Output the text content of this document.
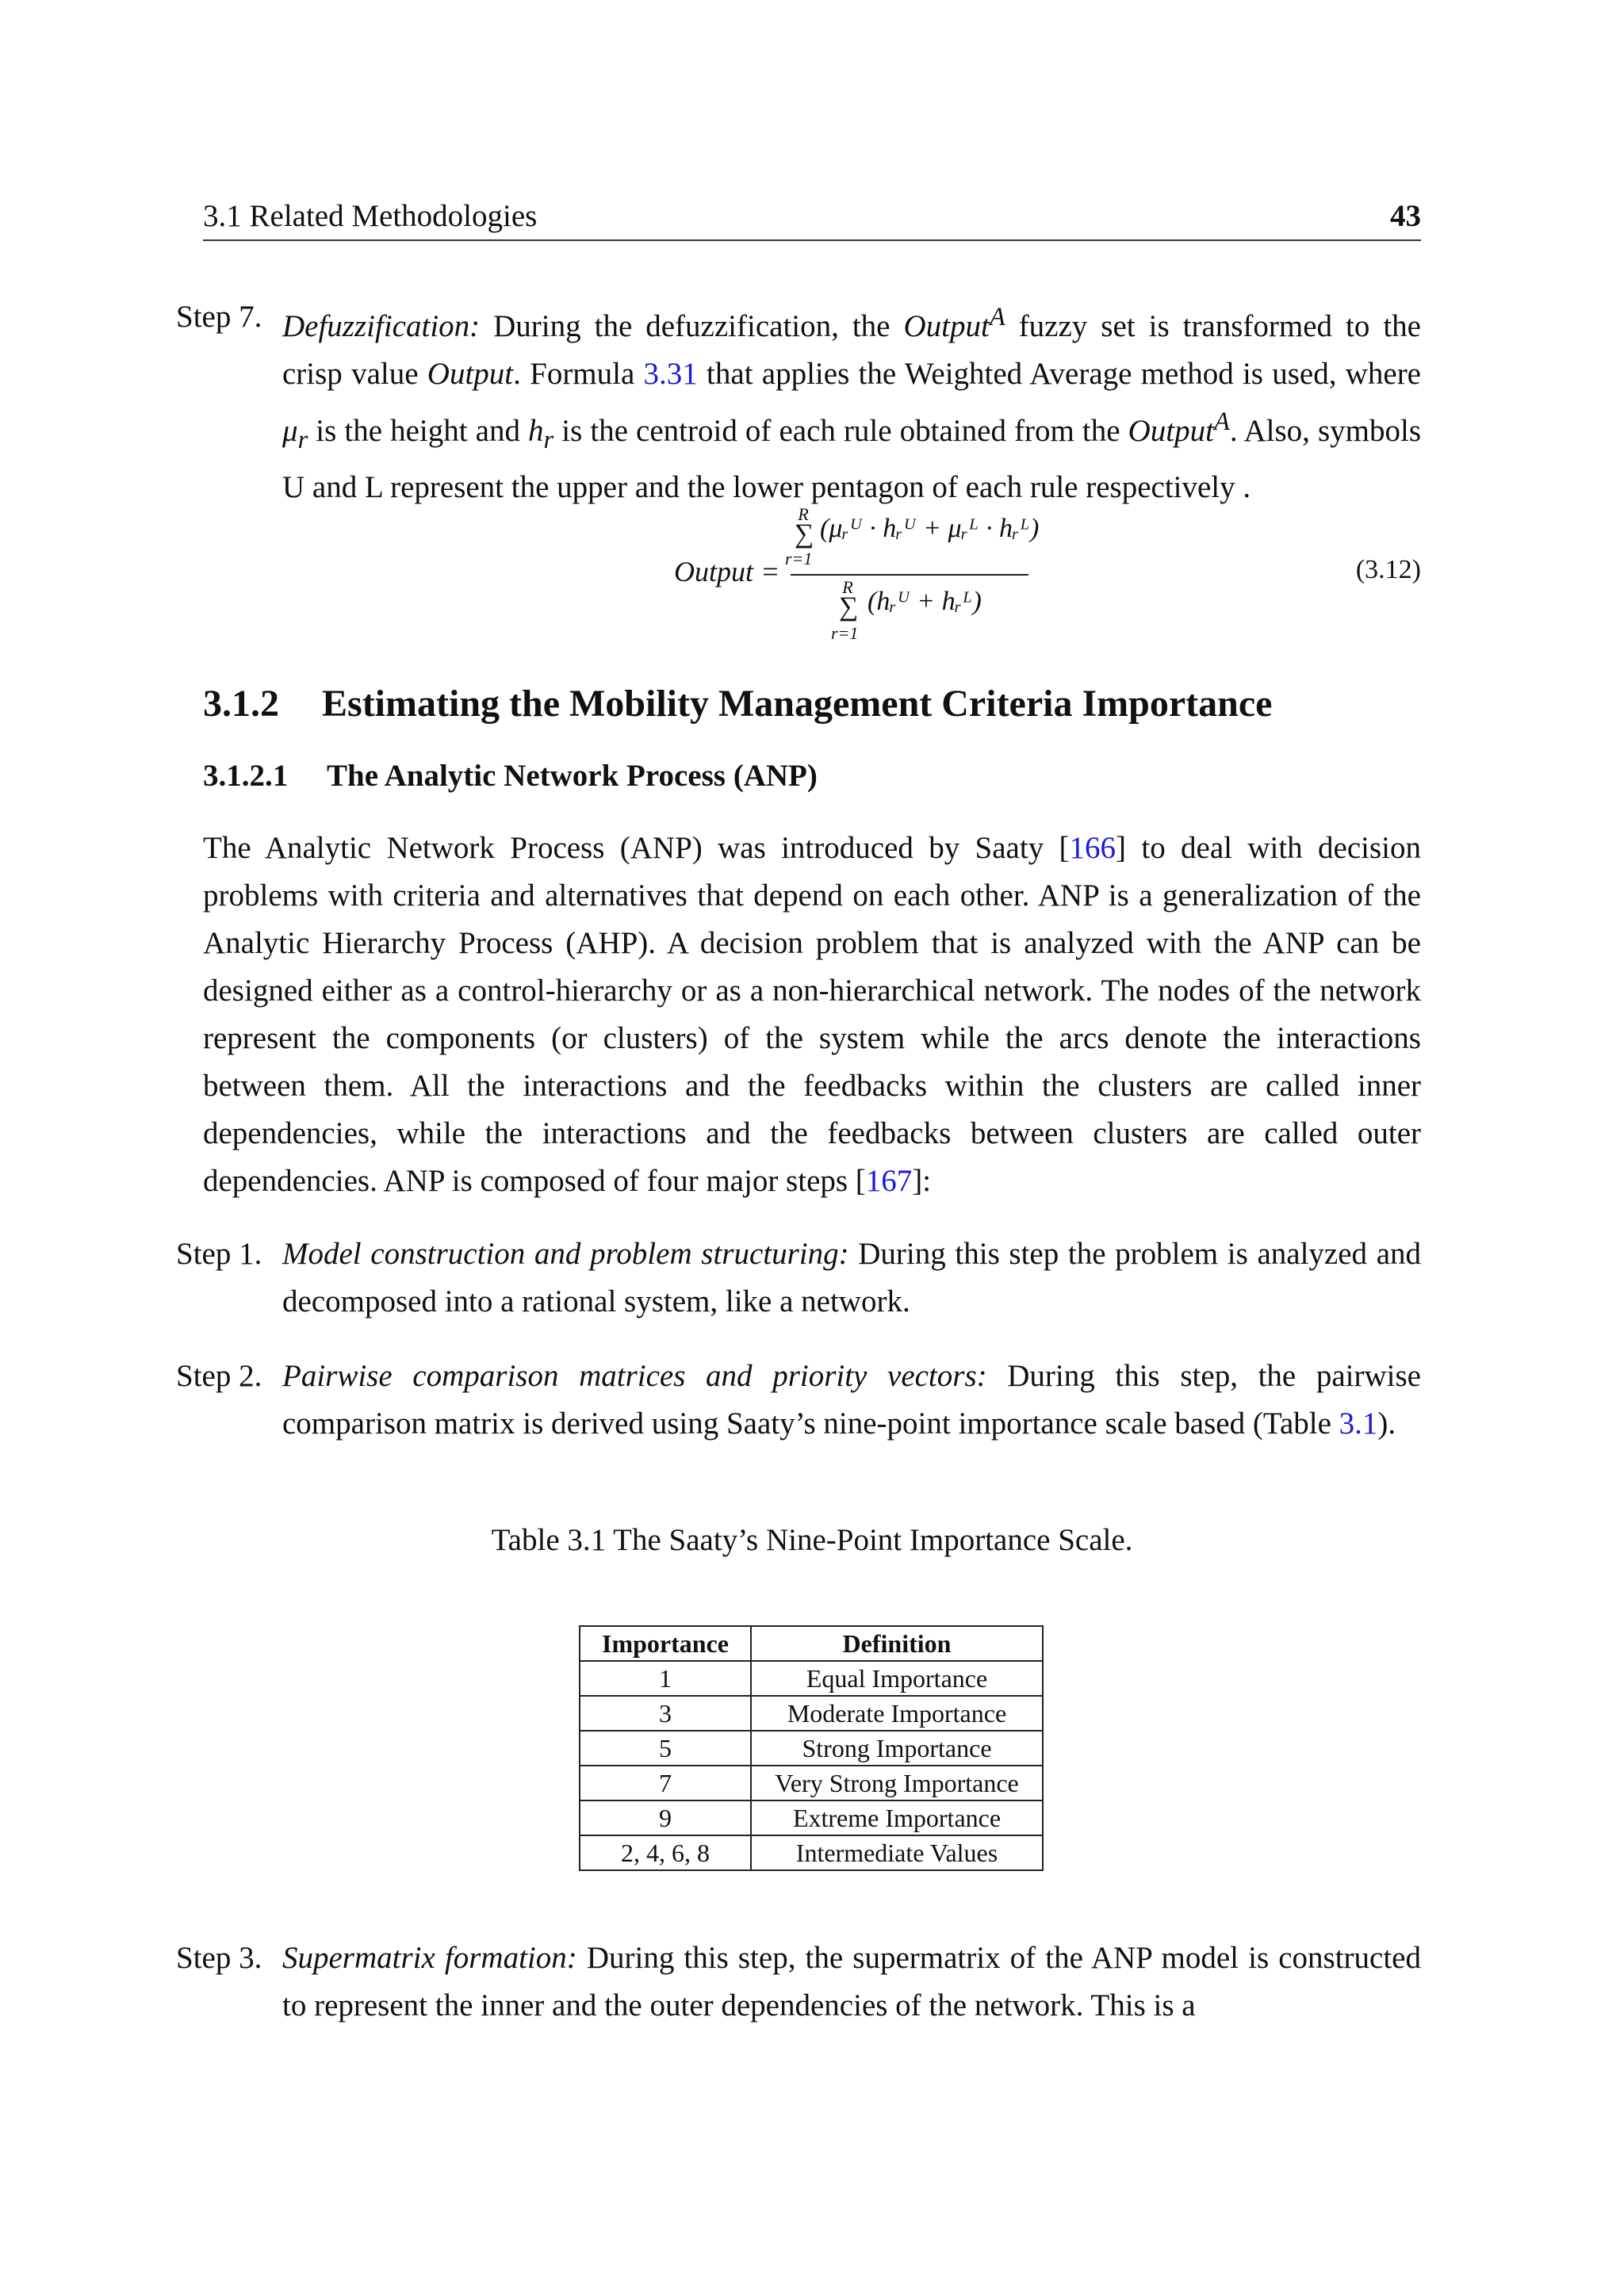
3.1 Related Methodologies	43
Step 7. Defuzzification: During the defuzzification, the Output$^A$ fuzzy set is transformed to the crisp value Output. Formula 3.31 that applies the Weighted Average method is used, where $\mu_r$ is the height and $h_r$ is the centroid of each rule obtained from the Output$^A$. Also, symbols U and L represent the upper and the lower pentagon of each rule respectively .
Output =
R
∑
r=1
(μᵣᵁ · hᵣᵁ + μᵣᴸ · hᵣᴸ)
R
∑
r=1
(hᵣᵁ + hᵣᴸ)
(3.12)
3.1.2 Estimating the Mobility Management Criteria Importance
3.1.2.1 The Analytic Network Process (ANP)
The Analytic Network Process (ANP) was introduced by Saaty [166] to deal with decision problems with criteria and alternatives that depend on each other. ANP is a generalization of the Analytic Hierarchy Process (AHP). A decision problem that is analyzed with the ANP can be designed either as a control-hierarchy or as a non-hierarchical network. The nodes of the network represent the components (or clusters) of the system while the arcs denote the interactions between them. All the interactions and the feedbacks within the clusters are called inner dependencies, while the interactions and the feedbacks between clusters are called outer dependencies. ANP is composed of four major steps [167]:
Step 1. Model construction and problem structuring: During this step the problem is analyzed and decomposed into a rational system, like a network.
Step 2. Pairwise comparison matrices and priority vectors: During this step, the pairwise comparison matrix is derived using Saaty’s nine-point importance scale based (Table 3.1).
Table 3.1 The Saaty’s Nine-Point Importance Scale.
Importance	Definition
1	Equal Importance
3	Moderate Importance
5	Strong Importance
7	Very Strong Importance
9	Extreme Importance
2, 4, 6, 8	Intermediate Values
Step 3. Supermatrix formation: During this step, the supermatrix of the ANP model is constructed to represent the inner and the outer dependencies of the network. This is a
